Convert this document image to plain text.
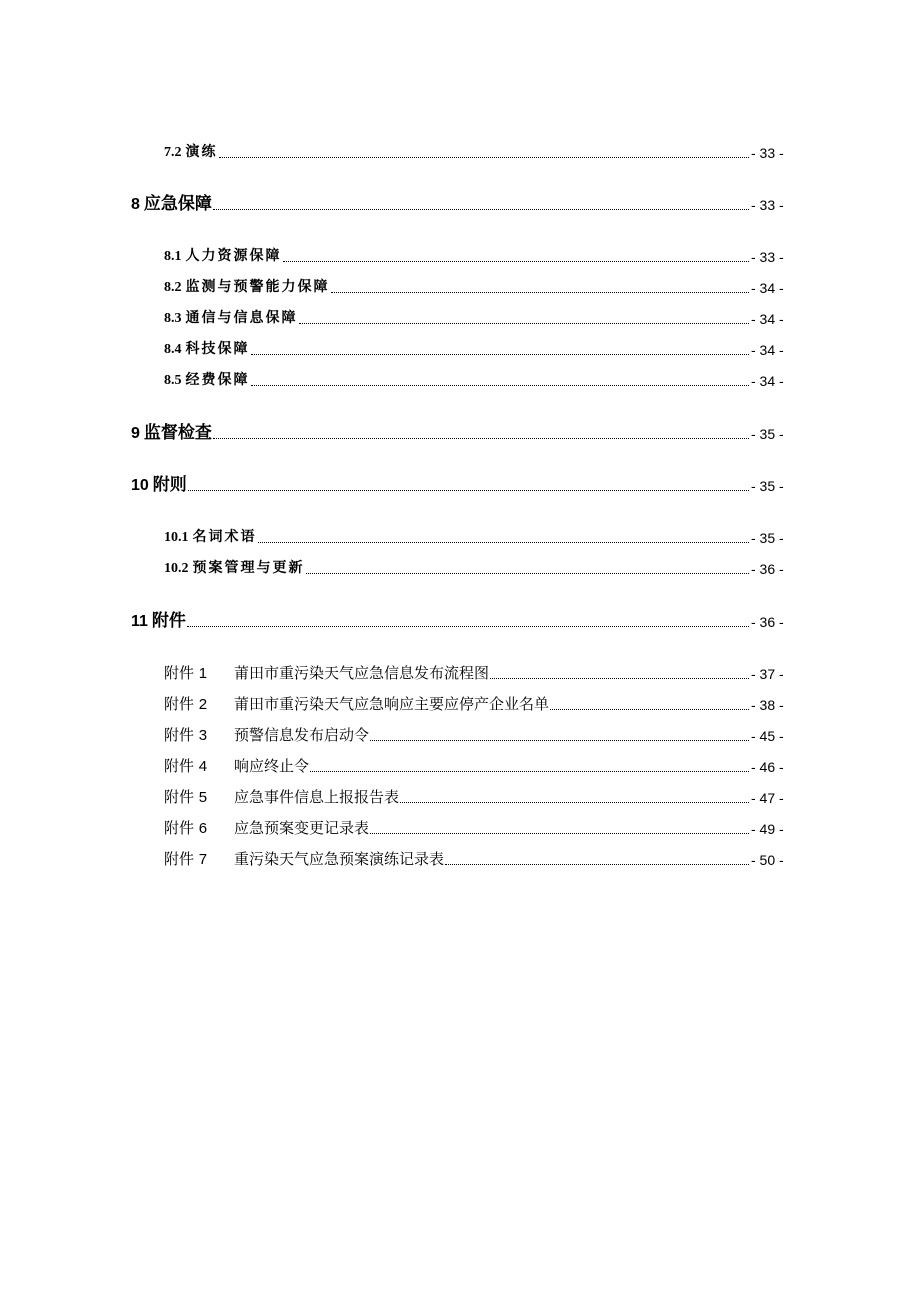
7.2 演练	- 33 -
8 应急保障	- 33 -
8.1 人力资源保障	- 33 -
8.2 监测与预警能力保障	- 34 -
8.3 通信与信息保障	- 34 -
8.4 科技保障	- 34 -
8.5 经费保障	- 34 -
9 监督检查	- 35 -
10 附则	- 35 -
10.1 名词术语	- 35 -
10.2 预案管理与更新	- 36 -
11 附件	- 36 -
附件 1	莆田市重污染天气应急信息发布流程图	- 37 -
附件 2	莆田市重污染天气应急响应主要应停产企业名单	- 38 -
附件 3	预警信息发布启动令	- 45 -
附件 4	响应终止令	- 46 -
附件 5	应急事件信息上报报告表	- 47 -
附件 6	应急预案变更记录表	- 49 -
附件 7	重污染天气应急预案演练记录表	- 50 -
